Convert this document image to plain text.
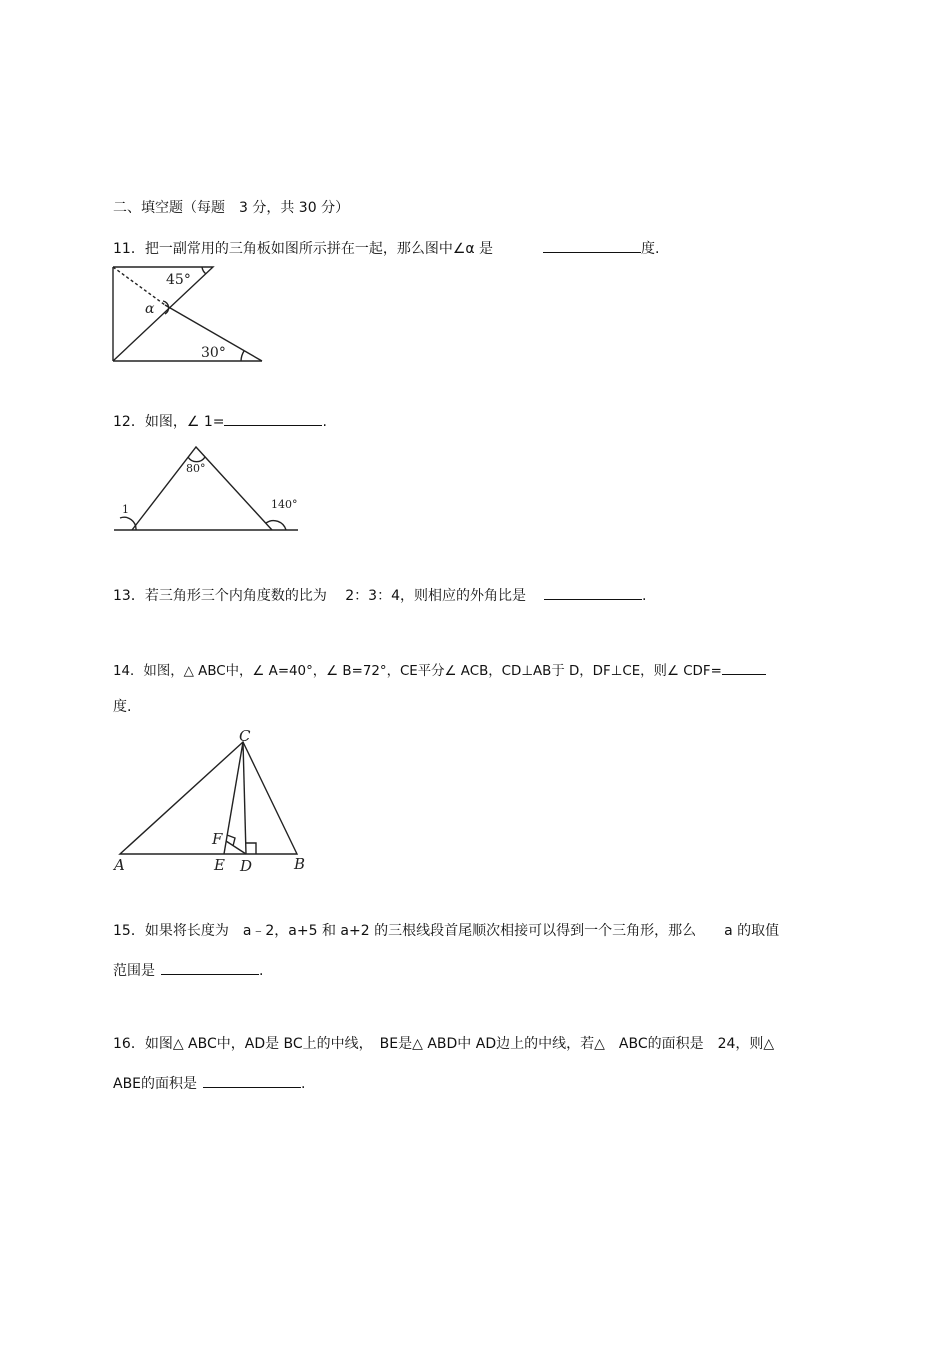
二、填空题（每题　3 分，共 30 分）
11．把一副常用的三角板如图所示拼在一起，那么图中∠α 是	度.
45°
α
30°
12．如图，∠ 1=	.
80°
140°
1
13．若三角形三个内角度数的比为　 2：3：4，则相应的外角比是	.
14．如图，△ ABC中，∠ A=40°，∠ B=72°，CE平分∠ ACB，CD⊥AB于 D，DF⊥CE，则∠ CDF=
度.
C
A	E D	B
F
15．如果将长度为　a﹣2，a+5 和 a+2 的三根线段首尾顺次相接可以得到一个三角形，那么　　a 的取值
范围是	.
16．如图△ ABC中，AD是 BC上的中线，　BE是△ ABD中 AD边上的中线，若△　ABC的面积是　24，则△
ABE的面积是	.
